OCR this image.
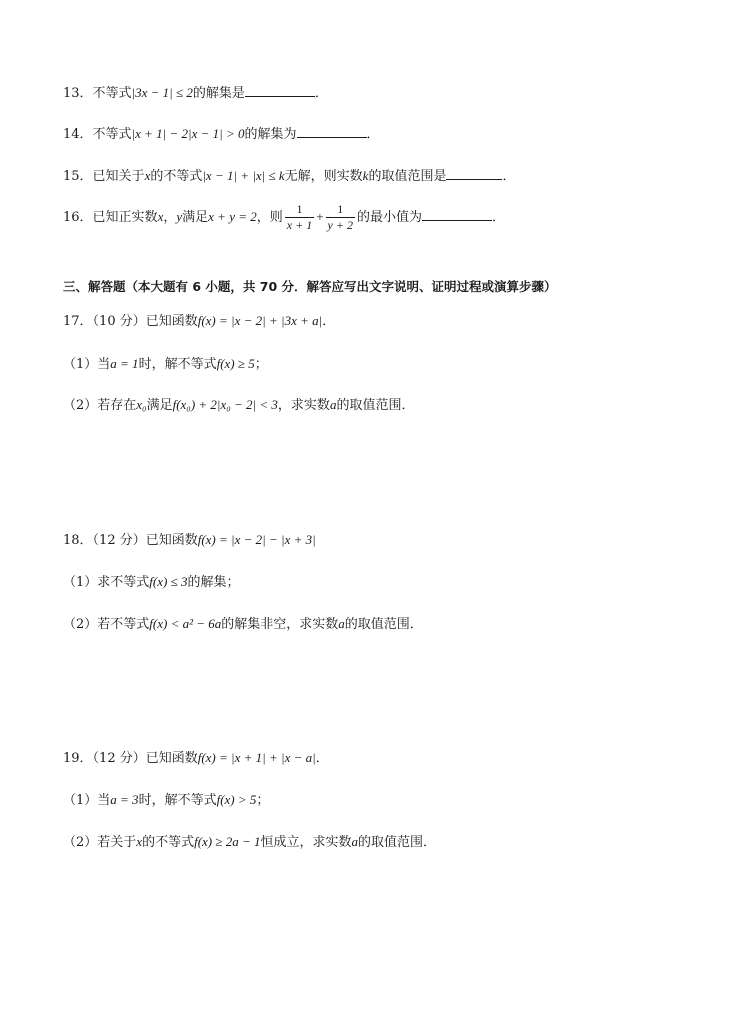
13．不等式|3x − 1| ≤ 2的解集是	．
14．不等式|x + 1| − 2|x − 1| > 0的解集为	．
15．已知关于x的不等式|x − 1| + |x| ≤ k无解，则实数k的取值范围是	．
16．已知正实数x，y满足x + y = 2，则 $\frac{1}{x + 1} + \frac{1}{y + 2}$ 的最小值为	．
三、解答题（本大题有 6 小题，共 70 分．解答应写出文字说明、证明过程或演算步骤）
17．（10 分）已知函数f(x) = |x − 2| + |3x + a|．
（1）当a = 1时，解不等式f(x) ≥ 5；
（2）若存在x₀满足f(x₀) + 2|x₀ − 2| < 3，求实数a的取值范围．
18．（12 分）已知函数f(x) = |x − 2| − |x + 3|
（1）求不等式f(x) ≤ 3的解集；
（2）若不等式f(x) < a² − 6a的解集非空，求实数a的取值范围．
19．（12 分）已知函数f(x) = |x + 1| + |x − a|．
（1）当a = 3时，解不等式f(x) > 5；
（2）若关于x的不等式f(x) ≥ 2a − 1恒成立，求实数a的取值范围．
